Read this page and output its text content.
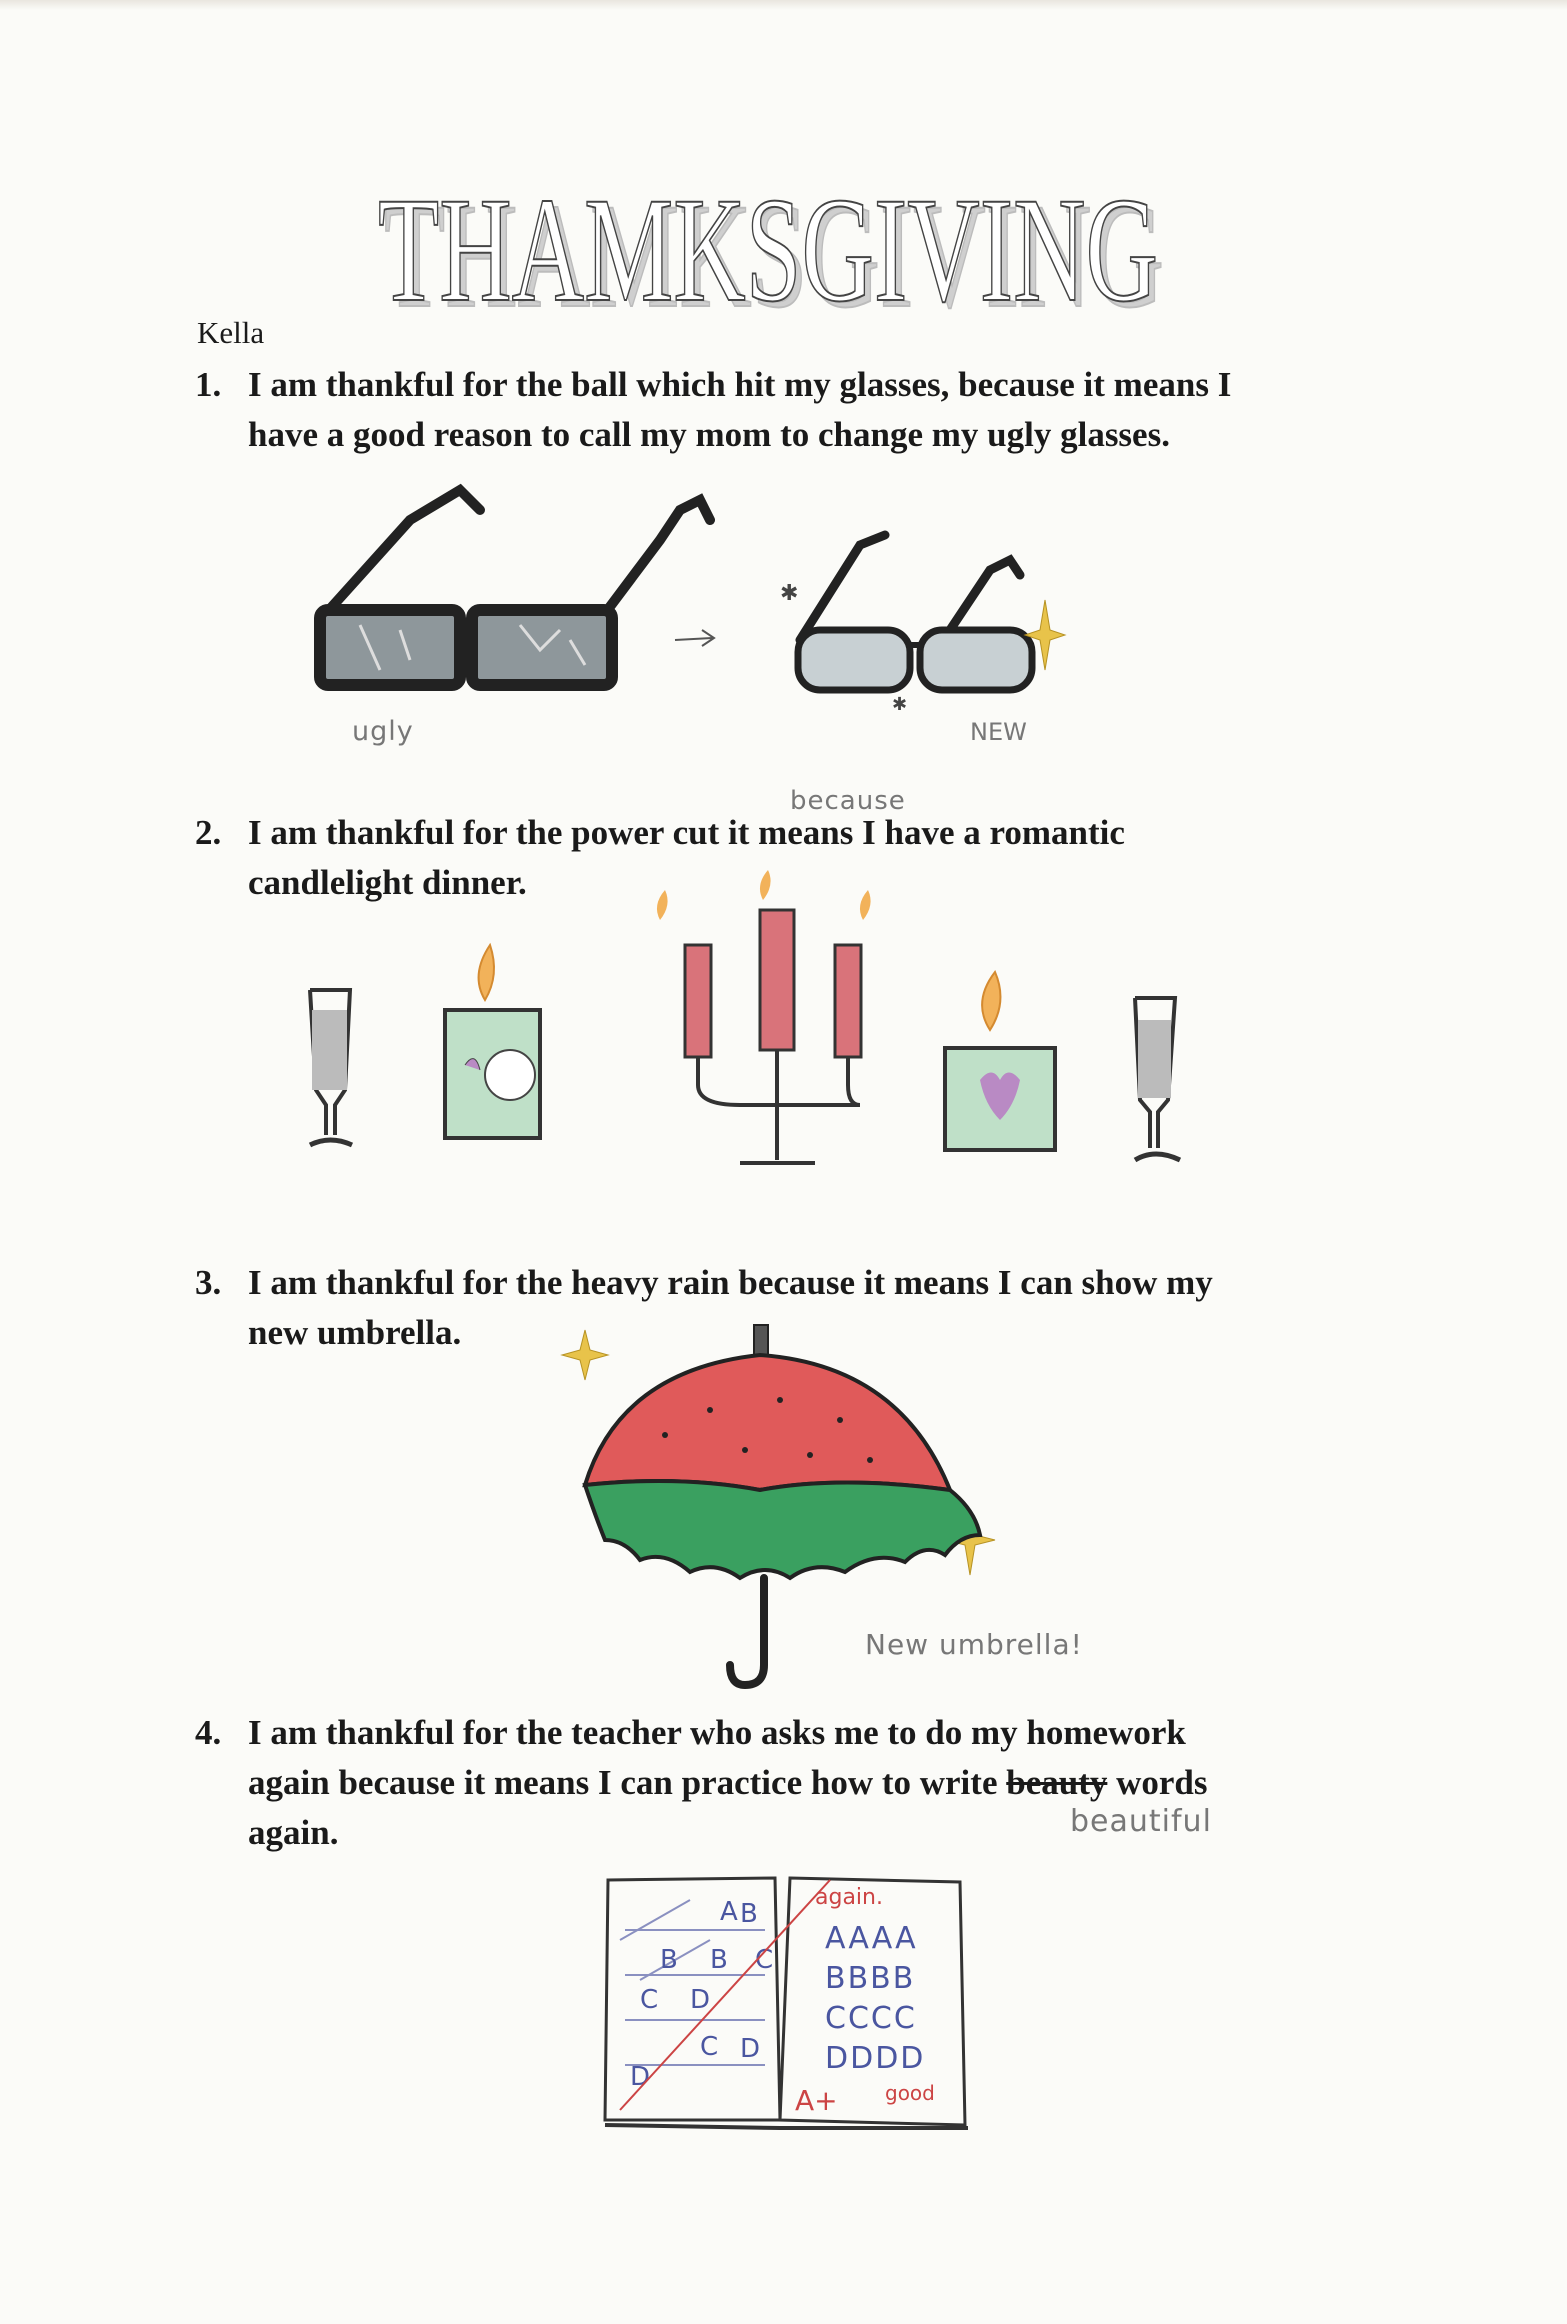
THAMKSGIVING
THAMKSGIVING
Kella
1. I am thankful for the ball which hit my glasses, because it means I
have a good reason to call my mom to change my ugly glasses.
ugly
✱
✱
NEW
because
2. I am thankful for the power cut it means I have a romantic
candlelight dinner.
3. I am thankful for the heavy rain because it means I can show my
new umbrella.
New umbrella!
4. I am thankful for the teacher who asks me to do my homework
again because it means I can practice how to write beauty words
again.	beautiful
A B
B B
C
C
D
C D
D
again.
AAAA
BBBB
CCCC
DDDD
A+ good
